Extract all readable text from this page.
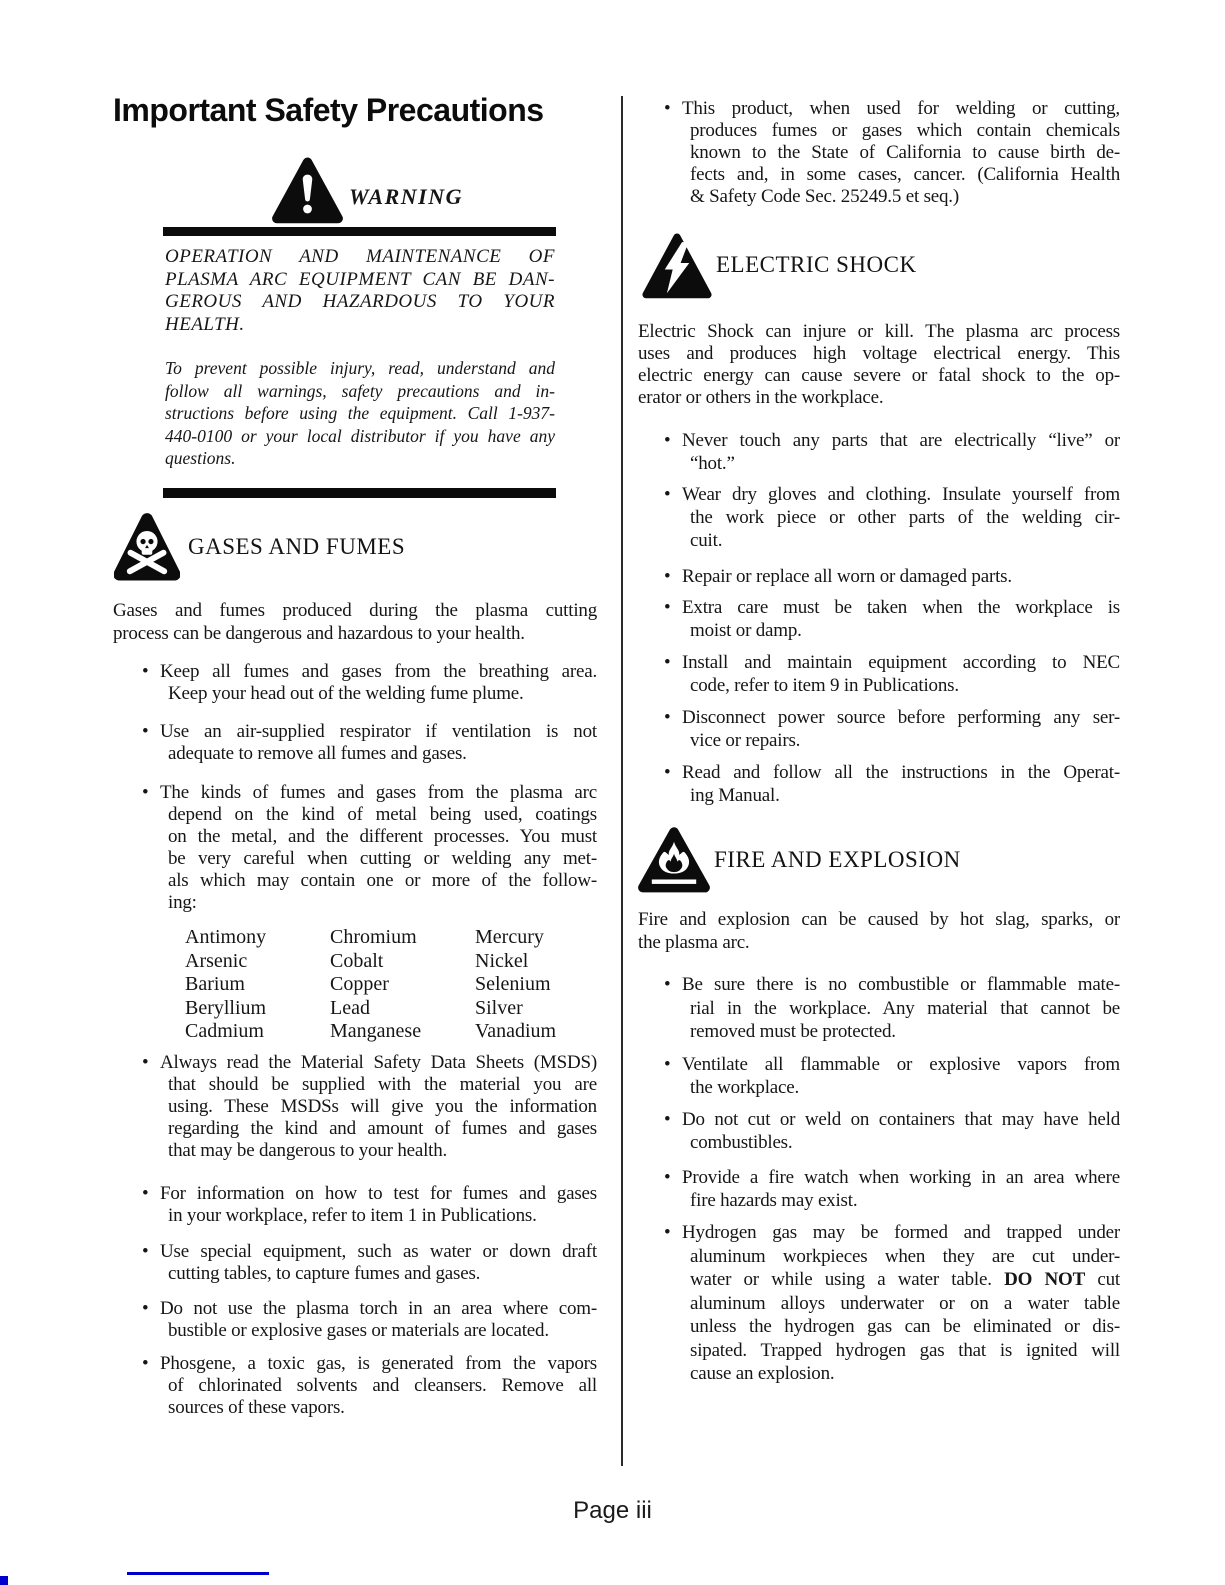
Important Safety Precautions
WARNING
OPERATION AND MAINTENANCE OF
PLASMA ARC EQUIPMENT CAN BE DAN-
GEROUS AND HAZARDOUS TO YOUR
HEALTH.
To prevent possible injury, read, understand and
follow all warnings, safety precautions and in-
structions before using the equipment. Call 1-937-
440-0100 or your local distributor if you have any
questions.
GASES AND FUMES
Gases and fumes produced during the plasma cutting
process can be dangerous and hazardous to your health.
• Keep all fumes and gases from the breathing area.
Keep your head out of the welding fume plume.
• Use an air-supplied respirator if ventilation is not
adequate to remove all fumes and gases.
• The kinds of fumes and gases from the plasma arc
depend on the kind of metal being used, coatings
on the metal, and the different processes. You must
be very careful when cutting or welding any met-
als which may contain one or more of the follow-
ing:
Antimony
Arsenic
Barium
Beryllium
Cadmium
Chromium
Cobalt
Copper
Lead
Manganese
Mercury
Nickel
Selenium
Silver
Vanadium
• Always read the Material Safety Data Sheets (MSDS)
that should be supplied with the material you are
using. These MSDSs will give you the information
regarding the kind and amount of fumes and gases
that may be dangerous to your health.
• For information on how to test for fumes and gases
in your workplace, refer to item 1 in Publications.
• Use special equipment, such as water or down draft
cutting tables, to capture fumes and gases.
• Do not use the plasma torch in an area where com-
bustible or explosive gases or materials are located.
• Phosgene, a toxic gas, is generated from the vapors
of chlorinated solvents and cleansers. Remove all
sources of these vapors.
• This product, when used for welding or cutting,
produces fumes or gases which contain chemicals
known to the State of California to cause birth de-
fects and, in some cases, cancer. (California Health
& Safety Code Sec. 25249.5 et seq.)
ELECTRIC SHOCK
Electric Shock can injure or kill. The plasma arc process
uses and produces high voltage electrical energy. This
electric energy can cause severe or fatal shock to the op-
erator or others in the workplace.
• Never touch any parts that are electrically “live” or
“hot.”
• Wear dry gloves and clothing. Insulate yourself from
the work piece or other parts of the welding cir-
cuit.
• Repair or replace all worn or damaged parts.
• Extra care must be taken when the workplace is
moist or damp.
• Install and maintain equipment according to NEC
code, refer to item 9 in Publications.
• Disconnect power source before performing any ser-
vice or repairs.
• Read and follow all the instructions in the Operat-
ing Manual.
FIRE AND EXPLOSION
Fire and explosion can be caused by hot slag, sparks, or
the plasma arc.
• Be sure there is no combustible or flammable mate-
rial in the workplace. Any material that cannot be
removed must be protected.
• Ventilate all flammable or explosive vapors from
the workplace.
• Do not cut or weld on containers that may have held
combustibles.
• Provide a fire watch when working in an area where
fire hazards may exist.
• Hydrogen gas may be formed and trapped under
aluminum workpieces when they are cut under-
water or while using a water table. DO NOT cut
aluminum alloys underwater or on a water table
unless the hydrogen gas can be eliminated or dis-
sipated. Trapped hydrogen gas that is ignited will
cause an explosion.
Page iii
